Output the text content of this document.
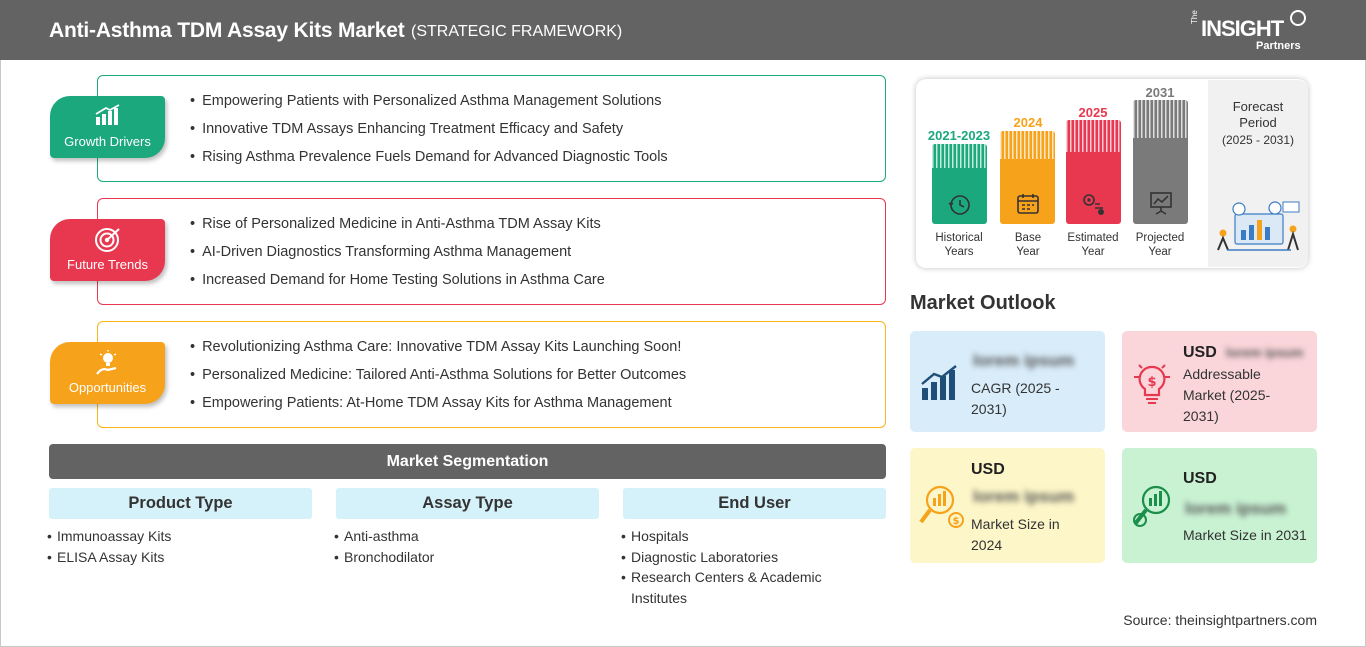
Anti-Asthma TDM Assay Kits Market (STRATEGIC FRAMEWORK)
The INSIGHT
Partners
• Empowering Patients with Personalized Asthma Management Solutions
• Innovative TDM Assays Enhancing Treatment Efficacy and Safety
• Rising Asthma Prevalence Fuels Demand for Advanced Diagnostic Tools
Growth Drivers
• Rise of Personalized Medicine in Anti-Asthma TDM Assay Kits
• AI-Driven Diagnostics Transforming Asthma Management
• Increased Demand for Home Testing Solutions in Asthma Care
Future Trends
• Revolutionizing Asthma Care: Innovative TDM Assay Kits Launching Soon!
• Personalized Medicine: Tailored Anti-Asthma Solutions for Better Outcomes
• Empowering Patients: At-Home TDM Assay Kits for Asthma Management
Opportunities
Market Segmentation
Product Type
• Immunoassay Kits
• ELISA Assay Kits
Assay Type
• Anti-asthma
• Bronchodilator
End User
• Hospitals
• Diagnostic Laboratories
• Research Centers & Academic Institutes
Forecast
Period
(2025 - 2031)
2021-2023
Historical
Years
2024
Base
Year
2025
Estimated
Year
2031
Projected
Year
Market Outlook
lorem ipsum
CAGR (2025 - 2031)
$
USD lorem ipsum
Addressable Market (2025-2031)
$
USD
lorem ipsum
Market Size in 2024
USD
lorem ipsum
Market Size in 2031
Source: theinsightpartners.com
